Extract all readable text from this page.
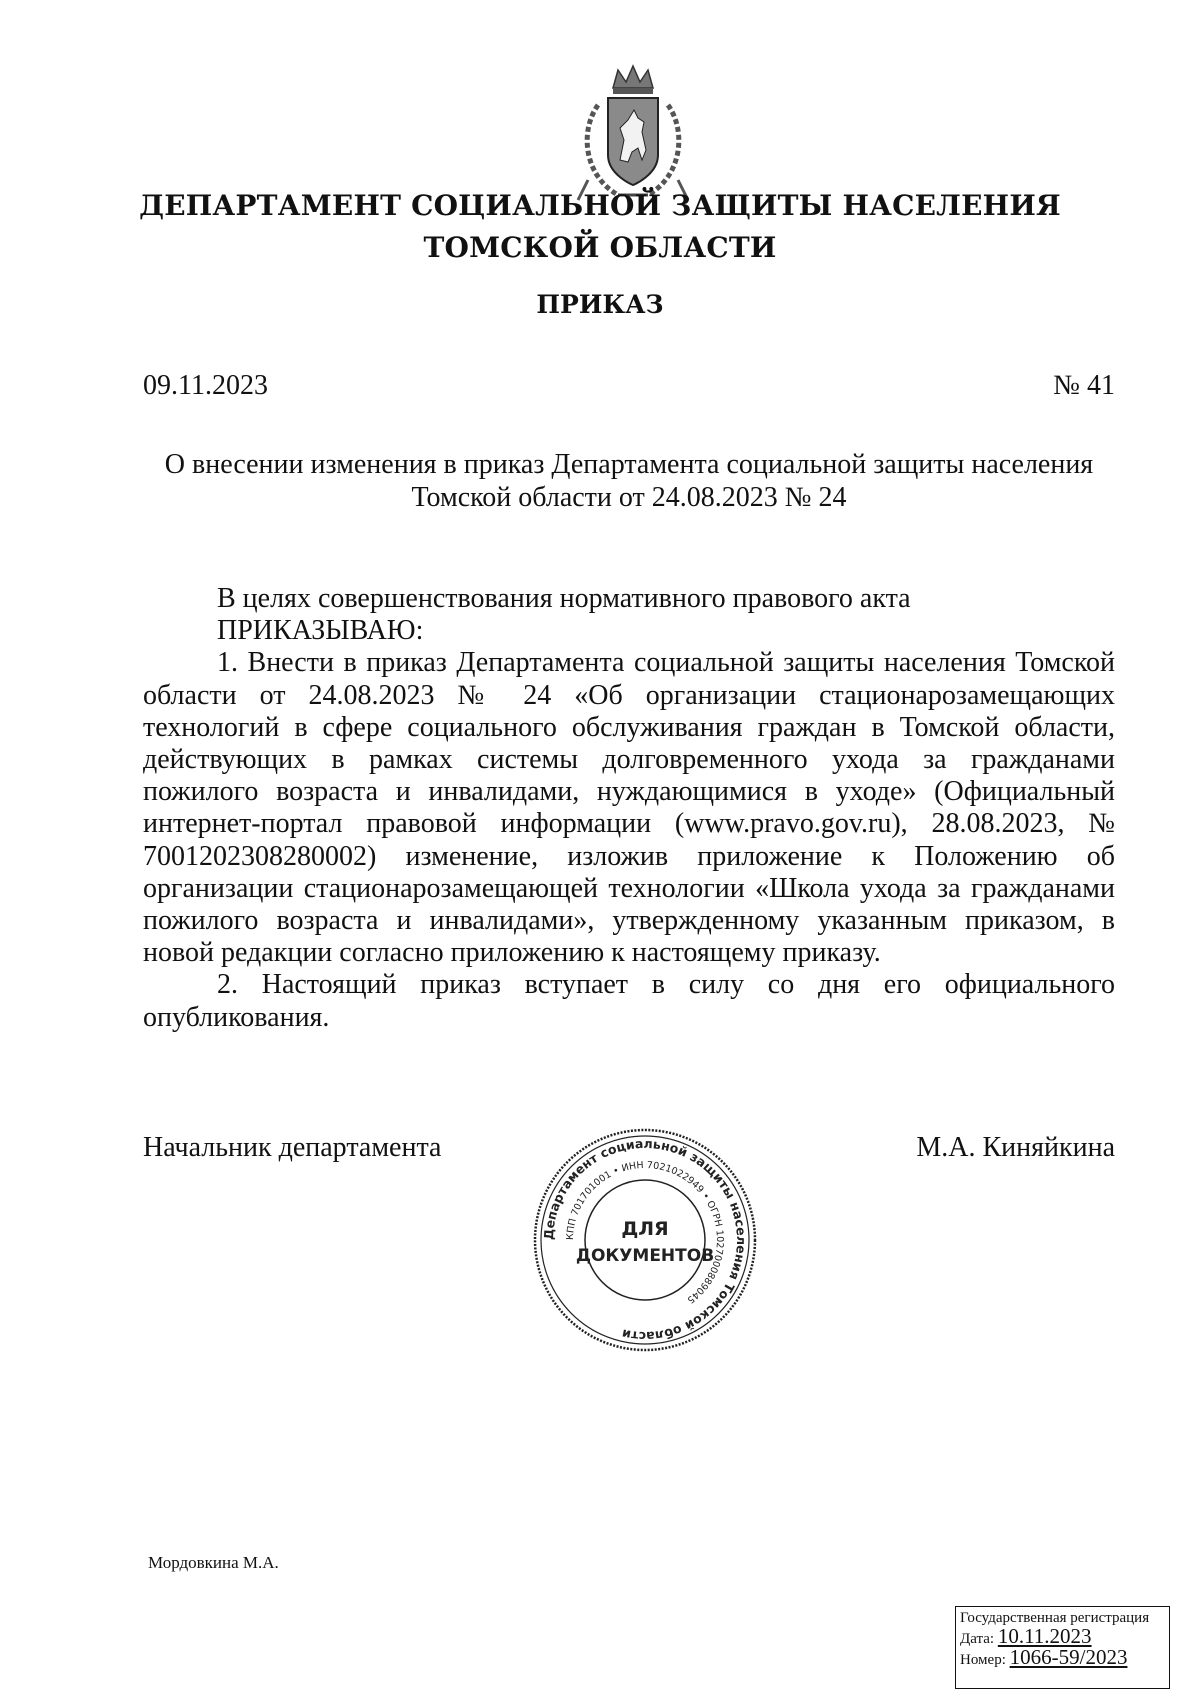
ДЕПАРТАМЕНТ СОЦИАЛЬНОЙ ЗАЩИТЫ НАСЕЛЕНИЯ
ТОМСКОЙ ОБЛАСТИ
ПРИКАЗ
09.11.2023	№ 41
О внесении изменения в приказ Департамента социальной защиты населения
Томской области от 24.08.2023 № 24

В целях совершенствования нормативного правового акта

ПРИКАЗЫВАЮ:

1. Внести в приказ Департамента социальной защиты населения Томской области от 24.08.2023 № 24 «Об организации стационарозамещающих технологий в сфере социального обслуживания граждан в Томской области, действующих в рамках системы долговременного ухода за гражданами пожилого возраста и инвалидами, нуждающимися в уходе» (Официальный интернет-портал правовой информации (www.pravo.gov.ru), 28.08.2023, № 7001202308280002) изменение, изложив приложение к Положению об организации стационарозамещающей технологии «Школа ухода за гражданами пожилого возраста и инвалидами», утвержденному указанным приказом, в новой редакции согласно приложению к настоящему приказу.

2. Настоящий приказ вступает в силу со дня его официального опубликования.

Начальник департамента	М.А. Киняйкина
Департамент социальной защиты населения Томской области
КПП 701701001 • ИНН 7021022949 • ОГРН 1027000889045
ДЛЯ
ДОКУМЕНТОВ
Мордовкина М.А.
Государственная регистрация
Дата: 10.11.2023
Номер: 1066-59/2023
